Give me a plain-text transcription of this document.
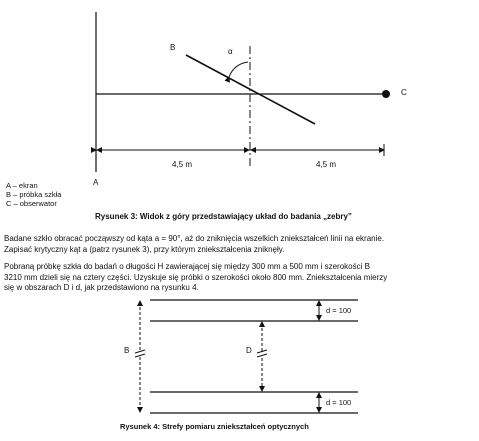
B	α
C
A
4,5 m	4,5 m
A – ekran
B – próbka szkła
C – obserwator
Rysunek 3: Widok z góry przedstawiający układ do badania „zebry”
Badane szkło obracać począwszy od kąta a = 90°, aż do zniknięcia wszelkich zniekształceń linii na ekranie.
Zapisać krytyczny kąt a (patrz rysunek 3), przy którym zniekształcenia zniknęły.
Pobraną próbkę szkła do badań o długości H zawierającej się między 300 mm a 500 mm i szerokości B
3210 mm dzieli się na cztery części. Uzyskuje się próbki o szerokości około 800 mm. Zniekształcenia mierzy
się w obszarach D i d, jak przedstawiono na rysunku 4.
B	D
d = 100
d = 100
Rysunek 4: Strefy pomiaru zniekształceń optycznych
